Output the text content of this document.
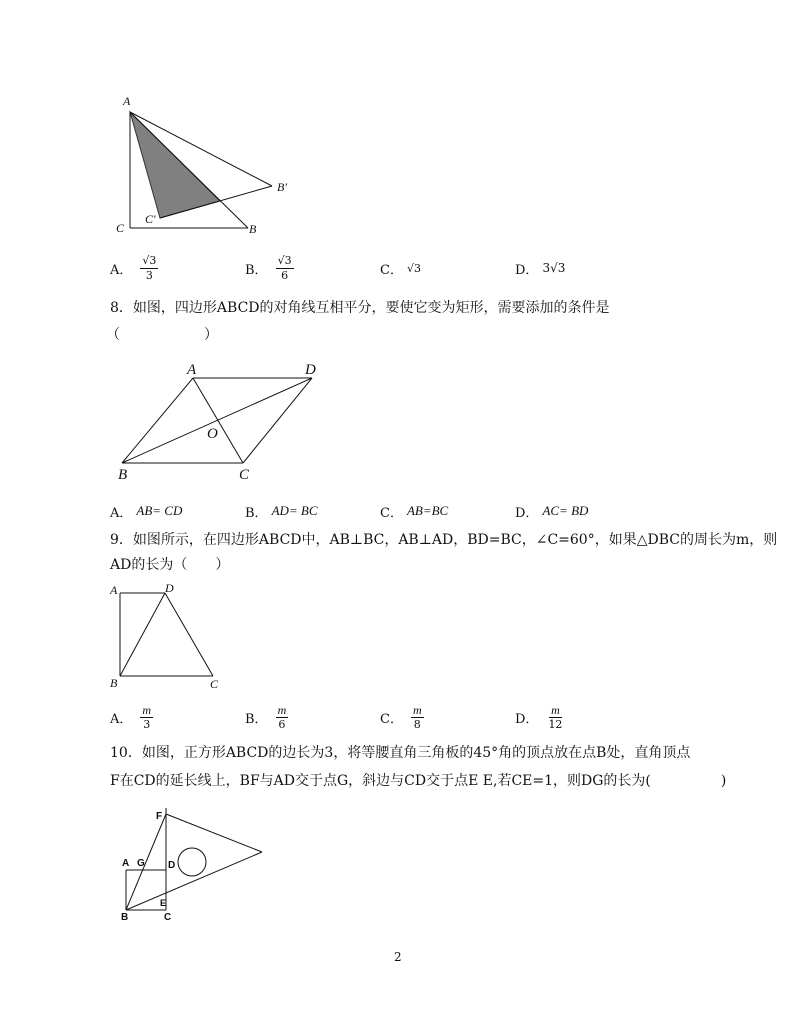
A
C	B
B′
C′
A． $\frac{√3}{3}$	B． $\frac{√3}{6}$	C． √3	D． 3√3
8．如图，四边形ABCD的对角线互相平分，要使它变为矩形，需要添加的条件是
（　　　　　　）
A	D
O
B	C
A． AB= CD	B． AD= BC	C． AB=BC	D． AC= BD
9．如图所示，在四边形ABCD中，AB⊥BC，AB⊥AD，BD=BC，∠C=60°，如果△DBC的周长为m，则
AD的长为（　　）
A	D
B	C
A． $\frac{m}{3}$	B． $\frac{m}{6}$	C． $\frac{m}{8}$	D． $\frac{m}{12}$
10．如图，正方形ABCD的边长为3，将等腰直角三角板的45°角的顶点放在点B处，直角顶点
F在CD的延长线上，BF与AD交于点G，斜边与CD交于点E E,若CE=1，则DG的长为(　　　　　)
F
A G D
B
E
C
2
